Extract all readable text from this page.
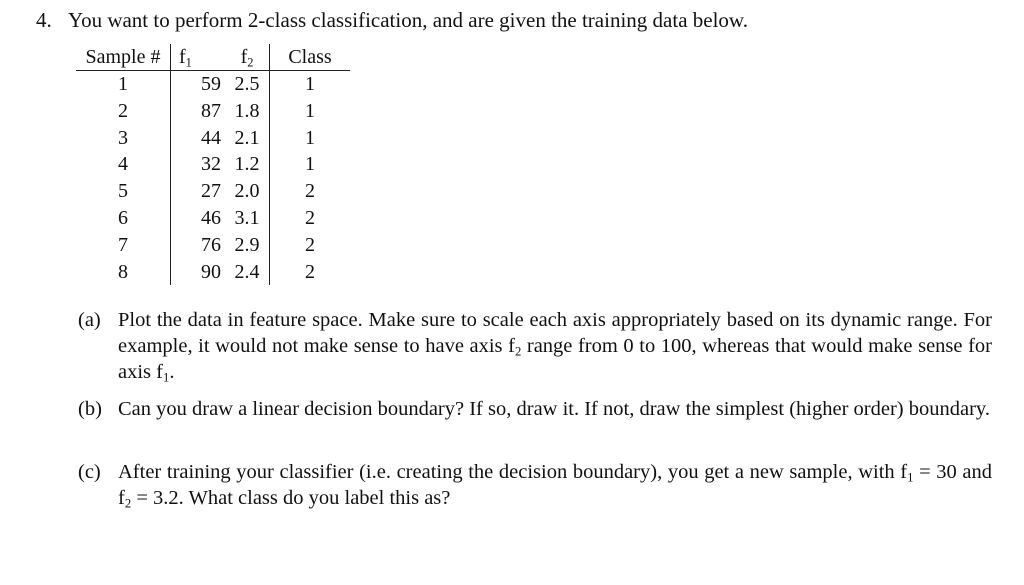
4. You want to perform 2-class classification, and are given the training data below.
Sample #	$f_1$	$f_2$	Class
1	59	2.5	1
2	87	1.8	1
3	44	2.1	1
4	32	1.2	1
5	27	2.0	2
6	46	3.1	2
7	76	2.9	2
8	90	2.4	2
(a) Plot the data in feature space. Make sure to scale each axis appropriately based on its dynamic range. For example, it would not make sense to have axis $f_2$ range from 0 to 100, whereas that would make sense for axis $f_1$.
(b) Can you draw a linear decision boundary? If so, draw it. If not, draw the simplest (higher order) boundary.
(c) After training your classifier (i.e. creating the decision boundary), you get a new sample, with $f_1 = 30$ and $f_2 = 3.2$. What class do you label this as?
